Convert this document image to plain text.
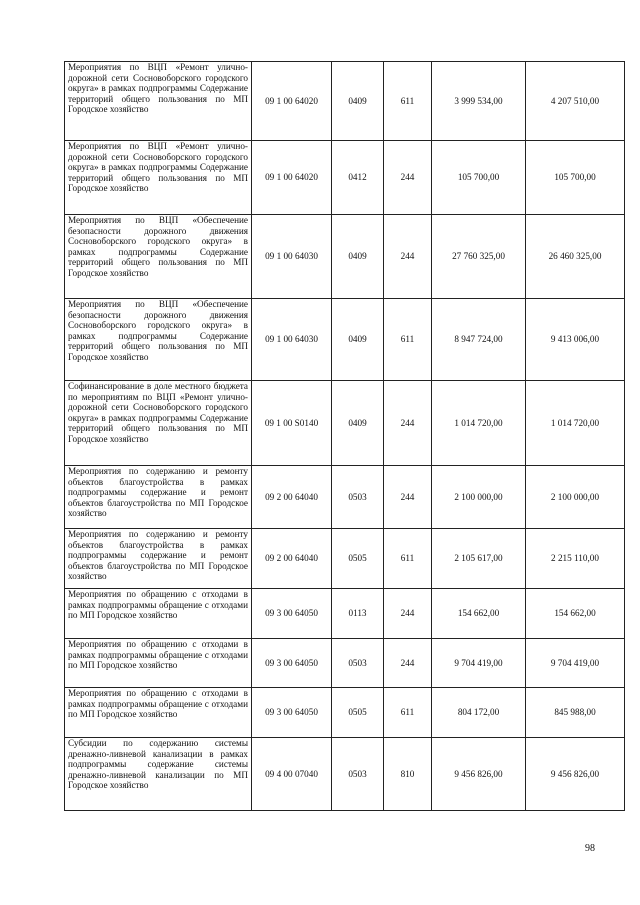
Мероприятия по ВЦП «Ремонт улично-дорожной сети Сосновоборского городского округа» в рамках подпрограммы Содержание территорий общего пользования по МП Городское хозяйство	09 1 00 64020	0409	611	3 999 534,00	4 207 510,00
Мероприятия по ВЦП «Ремонт улично-дорожной сети Сосновоборского городского округа» в рамках подпрограммы Содержание территорий общего пользования по МП Городское хозяйство	09 1 00 64020	0412	244	105 700,00	105 700,00
Мероприятия по ВЦП «Обеспечение безопасности дорожного движения Сосновоборского городского округа» в рамках подпрограммы Содержание территорий общего пользования по МП Городское хозяйство	09 1 00 64030	0409	244	27 760 325,00	26 460 325,00
Мероприятия по ВЦП «Обеспечение безопасности дорожного движения Сосновоборского городского округа» в рамках подпрограммы Содержание территорий общего пользования по МП Городское хозяйство	09 1 00 64030	0409	611	8 947 724,00	9 413 006,00
Софинансирование в доле местного бюджета по мероприятиям по ВЦП «Ремонт улично-дорожной сети Сосновоборского городского округа» в рамках подпрограммы Содержание территорий общего пользования по МП Городское хозяйство	09 1 00 S0140	0409	244	1 014 720,00	1 014 720,00
Мероприятия по содержанию и ремонту объектов благоустройства в рамках подпрограммы содержание и ремонт объектов благоустройства по МП Городское хозяйство	09 2 00 64040	0503	244	2 100 000,00	2 100 000,00
Мероприятия по содержанию и ремонту объектов благоустройства в рамках подпрограммы содержание и ремонт объектов благоустройства по МП Городское хозяйство	09 2 00 64040	0505	611	2 105 617,00	2 215 110,00
Мероприятия по обращению с отходами в рамках подпрограммы обращение с отходами по МП Городское хозяйство	09 3 00 64050	0113	244	154 662,00	154 662,00
Мероприятия по обращению с отходами в рамках подпрограммы обращение с отходами по МП Городское хозяйство	09 3 00 64050	0503	244	9 704 419,00	9 704 419,00
Мероприятия по обращению с отходами в рамках подпрограммы обращение с отходами по МП Городское хозяйство	09 3 00 64050	0505	611	804 172,00	845 988,00
Субсидии по содержанию системы дренажно-ливневой канализации в рамках подпрограммы содержание системы дренажно-ливневой канализации по МП Городское хозяйство	09 4 00 07040	0503	810	9 456 826,00	9 456 826,00
98
